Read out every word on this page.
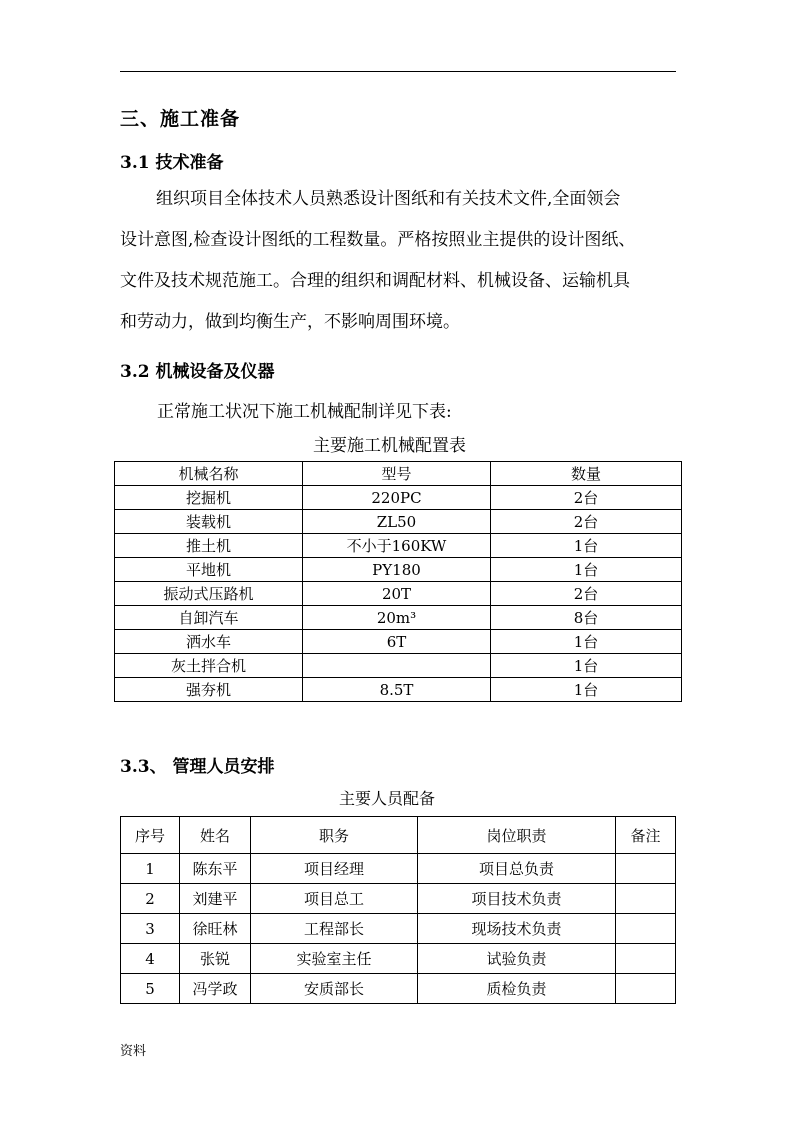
三、施工准备
3.1 技术准备
组织项目全体技术人员熟悉设计图纸和有关技术文件,全面领会
设计意图,检查设计图纸的工程数量。严格按照业主提供的设计图纸、
文件及技术规范施工。合理的组织和调配材料、机械设备、运输机具
和劳动力，做到均衡生产，不影响周围环境。
3.2 机械设备及仪器
正常施工状况下施工机械配制详见下表:
主要施工机械配置表
机械名称	型号	数量
挖掘机	220PC	2台
装载机	ZL50	2台
推土机	不小于160KW	1台
平地机	PY180	1台
振动式压路机	20T	2台
自卸汽车	20m³	8台
洒水车	6T	1台
灰土拌合机		1台
强夯机	8.5T	1台
3.3、 管理人员安排
主要人员配备
序号	姓名	职务	岗位职责	备注
1	陈东平	项目经理	项目总负责	
2	刘建平	项目总工	项目技术负责	
3	徐旺林	工程部长	现场技术负责	
4	张锐	实验室主任	试验负责	
5	冯学政	安质部长	质检负责	
资料
